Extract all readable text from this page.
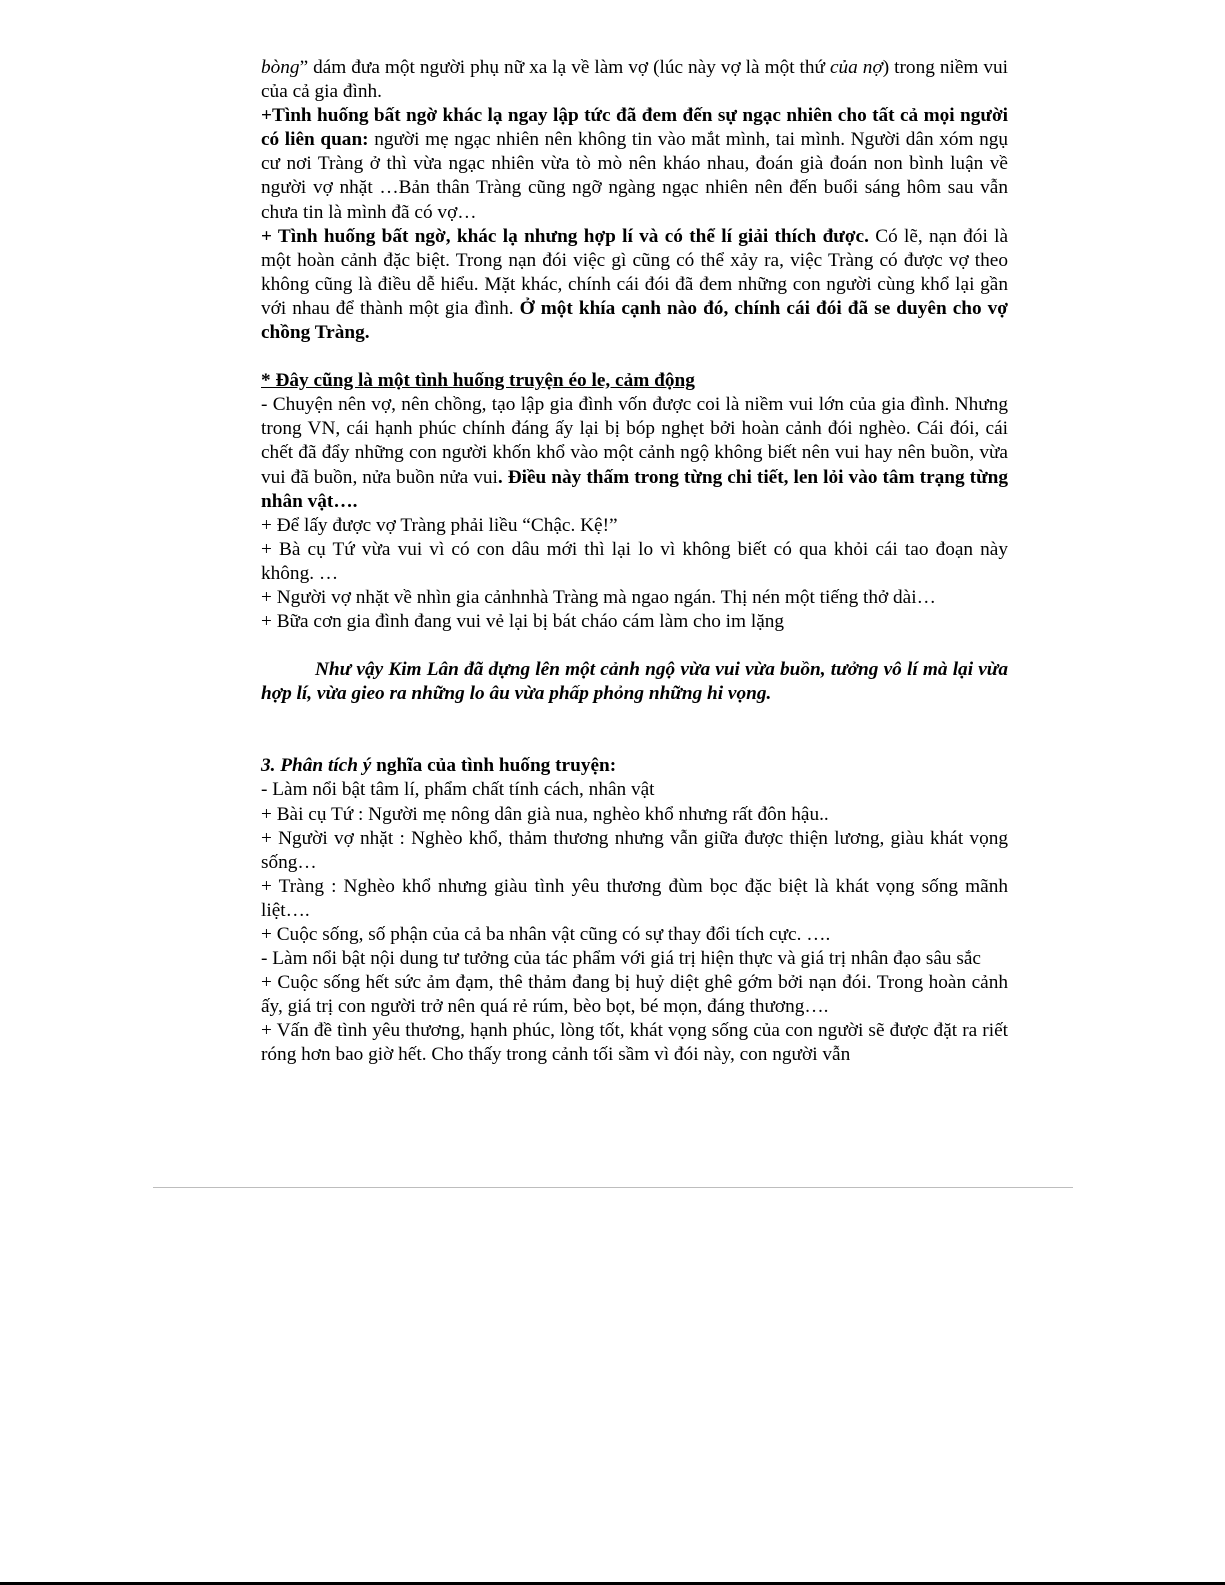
bòng” dám đưa một người phụ nữ xa lạ về làm vợ (lúc này vợ là một thứ của nợ) trong niềm vui của cả gia đình.

+Tình huống bất ngờ khác lạ ngay lập tức đã đem đến sự ngạc nhiên cho tất cả mọi người có liên quan: người mẹ ngạc nhiên nên không tin vào mắt mình, tai mình. Người dân xóm ngụ cư nơi Tràng ở thì vừa ngạc nhiên vừa tò mò nên kháo nhau, đoán già đoán non bình luận về người vợ nhặt …Bản thân Tràng cũng ngỡ ngàng ngạc nhiên nên đến buổi sáng hôm sau vẫn chưa tin là mình đã có vợ…

+ Tình huống bất ngờ, khác lạ nhưng hợp lí và có thể lí giải thích được. Có lẽ, nạn đói là một hoàn cảnh đặc biệt. Trong nạn đói việc gì cũng có thể xảy ra, việc Tràng có được vợ theo không cũng là điều dễ hiểu. Mặt khác, chính cái đói đã đem những con người cùng khổ lại gần với nhau để thành một gia đình. Ở một khía cạnh nào đó, chính cái đói đã se duyên cho vợ chồng Tràng.

* Đây cũng là một tình huống truyện éo le, cảm động

- Chuyện nên vợ, nên chồng, tạo lập gia đình vốn được coi là niềm vui lớn của gia đình. Nhưng trong VN, cái hạnh phúc chính đáng ấy lại bị bóp nghẹt bởi hoàn cảnh đói nghèo. Cái đói, cái chết đã đẩy những con người khốn khổ vào một cảnh ngộ không biết nên vui hay nên buồn, vừa vui đã buồn, nửa buồn nửa vui. Điều này thấm trong từng chi tiết, len lỏi vào tâm trạng từng nhân vật….

+ Để lấy được vợ Tràng phải liều “Chậc. Kệ!”

+ Bà cụ Tứ vừa vui vì có con dâu mới thì lại lo vì không biết có qua khỏi cái tao đoạn này không. …

+ Người vợ nhặt về nhìn gia cảnhnhà Tràng mà ngao ngán. Thị nén một tiếng thở dài…

+ Bữa cơn gia đình đang vui vẻ lại bị bát cháo cám làm cho im lặng

Như vậy Kim Lân đã dựng lên một cảnh ngộ vừa vui vừa buồn, tưởng vô lí mà lại vừa hợp lí, vừa gieo ra những lo âu vừa phấp phỏng những hi vọng.

3. Phân tích ý nghĩa của tình huống truyện:

- Làm nổi bật tâm lí, phẩm chất tính cách, nhân vật

+ Bài cụ Tứ : Người mẹ nông dân già nua, nghèo khổ nhưng rất đôn hậu..

+ Người vợ nhặt : Nghèo khổ, thảm thương nhưng vẫn giữa được thiện lương, giàu khát vọng sống…

+ Tràng : Nghèo khổ nhưng giàu tình yêu thương đùm bọc đặc biệt là khát vọng sống mãnh liệt….

+ Cuộc sống, số phận của cả ba nhân vật cũng có sự thay đổi tích cực. ….

- Làm nổi bật nội dung tư tưởng của tác phẩm với giá trị hiện thực và giá trị nhân đạo sâu sắc

+ Cuộc sống hết sức ảm đạm, thê thảm đang bị huỷ diệt ghê gớm bởi nạn đói. Trong hoàn cảnh ấy, giá trị con người trở nên quá rẻ rúm, bèo bọt, bé mọn, đáng thương….

+ Vấn đề tình yêu thương, hạnh phúc, lòng tốt, khát vọng sống của con người sẽ được đặt ra riết róng hơn bao giờ hết. Cho thấy trong cảnh tối sầm vì đói này, con người vẫn
